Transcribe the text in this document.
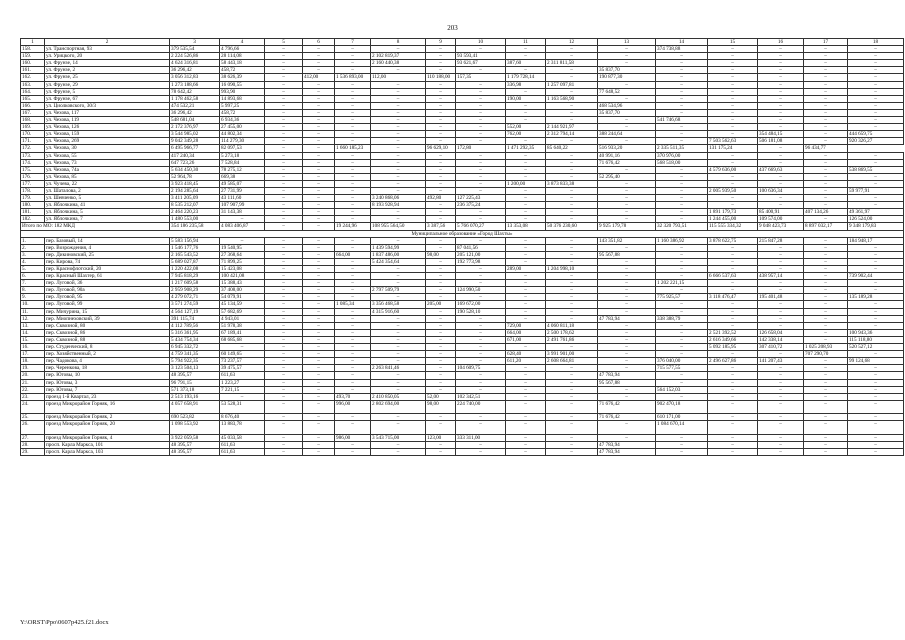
203
1	2	3	4	5	6	7	8	9	10	11	12	13	14	15	16	17	18
158.	ул. Транспортная, 93	379 535,54	4 796,66	–	–	–	–	–	–	–	–	–	374 738,88	–	–	–	–
159.	ул. Урицкого, 20	2 224 526,86	28 114,08	–	–	–	2 102 819,37	–	93 593,41	–	–	–	–	–	–	–	–
160.	ул. Фрунзе, 14	4 624 316,81	58 443,18	–	–	–	2 160 440,38	–	93 621,67	387,60	2 311 811,58	–	–	–	–	–	–
161.	ул. Фрунзе, 2	36 296,42	458,72	–	–	–	–	–	–	–	–	35 837,70	–	–	–	–	–
162.	ул. Фрунзе, 25	3 056 312,83	38 626,39	–	412,00	1 536 893,00	112,00	110 188,00	157,35	1 179 728,14	–	190 877,30	–	–	–	–	–
163.	ул. Фрунзе, 29	1 273 188,66	16 090,55	–	–	–	–	–	–	336,98	1 257 097,81	–	–	–	–	–	–
164.	ул. Фрунзе, 5	78 642,42	993,90	–	–	–	–	–	–	–	–	77 648,52	–	–	–	–	–
165.	ул. Фрунзе, 67	1 178 462,58	14 893,68	–	–	–	–	–	–	190,00	1 163 568,90	–	–	–	–	–	–
166.	ул. Циолковского, 30/3	474 532,21	5 997,25	–	–	–	–	–	–	–	–	468 534,96	–	–	–	–	–
167.	ул. Чехова, 117	36 296,42	458,72	–	–	–	–	–	–	–	–	35 837,70	–	–	–	–	–
168.	ул. Чехова, 119	548 681,04	6 934,36	–	–	–	–	–	–	–	–	–	541 746,68	–	–	–	–
169.	ул. Чехова, 126	2 172 376,97	27 455,00	–	–	–	–	–	–	552,00	2 144 921,97	–	–	–	–	–	–
170.	ул. Чехова, 159	3 544 985,02	44 802,34	–	–	–	–	–	–	762,00	2 312 794,14	388 244,64	–	–	354 484,15	–	444 659,75
171.	ул. Чехова, 269	9 042 349,28	114 279,30	–	–	–	–	–	–	–	–	–	–	7 503 562,63	506 181,08	–	920 326,27
172.	ул. Чехова, 30	6 495 966,77	82 097,53	–	–	1 660 185,23	–	96 629,10	172,80	1 471 292,35	85 640,22	516 933,20	2 335 511,35	131 175,24	–	96 434,77	
173.	ул. Чехова, 55	417 240,34	5 273,18	–	–	–	–	–	–	–	–	40 991,16	370 976,00	–	–	–	–
174.	ул. Чехова, 73	647 723,26	7 528,84	–	–	–	–	–	–	–	–	71 676,42	568 518,00	–	–	–	–
175.	ул. Чехова, 74а	5 634 450,30	78 275,12	–	–	–	–	–	–	–	–	–	–	4 579 636,00	437 669,63	–	538 869,55
176.	ул. Чехова, 85	52 964,78	669,38	–	–	–	–	–	–	–	–	52 295,40	–	–	–	–	–
177.	ул. Чучева, 22	3 923 418,45	49 585,07	–	–	–	–	–	–	1 200,00	3 873 833,38	–	–	–	–	–	–
178.	ул. Шаталова, 2	2 194 285,64	27 731,99	–	–	–	–	–	–	–	–	–	–	2 005 939,50	100 636,34	–	59 977,91
179.	ул. Шевченко, 5	3 411 205,09	43 111,60	–	–	–	3 240 868,06	492,80	127 225,43	–	–	–	–	–	–	–	–
180.	ул. Яблочкина, 41	8 535 212,07	107 907,99	–	–	–	8 193 928,94	–	236 375,24	–	–	–	–	–	–	–	–
181.	ул. Яблочкина, 5	2 464 220,23	31 143,38	–	–	–	–	–	–	–	–	–	–	1 891 179,73	85 400,91	407 134,26	49 361,97
182.	ул. Яблочкина, 7	1 480 553,00	–	–	–	–	–	–	–	–	–	–	–	1 244 455,00	109 574,00	–	126 524,00
Итого по МО: 182 МКД		354 186 235,58	4 083 406,87	–	–	19 244,96	108 955 564,50	3 387,56	5 766 070,27	13 353,08	50 376 230,60	9 925 179,78	32 320 793,51	115 555 334,32	9 048 423,73	8 897 032,17	9 348 179,83
Муниципальное образование «Город Шахты»																	
1.	пер. Базовый, 14	5 583 156,94	–	–	–	–	–	–	–	–	–	143 351,82	1 160 386,92	3 878 622,75	215 847,28	–	184 948,17
2.	пер. Возрождения, 4	1 546 177,76	19 540,95	–	–	–	1 439 594,99	–	87 041,56	–	–	–	–	–	–	–	–
3.	пер. Дикиновский, 25	2 165 543,52	27 368,64	–	–	664,00	1 837 486,00	98,00	205 121,00	–	–	95 567,88	–	–	–	–	–
4.	пер. Кирова, 74	5 689 027,87	71 899,25	–	–	–	5 424 354,64	–	192 773,98	–	–	–	–	–	–	–	–
5.	пер. Краснофлотский, 20	1 220 422,08	15 423,08	–	–	–	–	–	–	289,00	1 204 998,10	–	–	–	–	–	–
6.	пер. Красный Шахтер, 61	7 945 818,29	100 421,08	–	–	–	–	–	–	–	–	–	–	6 666 537,63	438 957,14	–	739 902,44
7.	пер. Луговой, 36	1 217 609,58	15 388,43	–	–	–	–	–	–	–	–	–	1 202 221,15	–	–	–	–
8.	пер. Луговой, 90а	2 959 908,29	37 408,00	–	–	–	2 797 509,79	–	124 990,50	–	–	–	–	–	–	–	–
9.	пер. Луговой, 95	4 279 072,71	54 079,91	–	–	–	–	–	–	–	–	–	775 925,57	3 118 476,47	195 401,48	–	135 189,28
10.	пер. Луговой, 99	3 571 274,59	45 134,59	–	–	1 085,34	3 356 468,58	205,00	169 672,00	–	–	–	–	–	–	–	–
11.	пер. Мичурина, 15	4 564 127,19	57 682,69	–	–	–	4 315 916,60	–	190 528,10	–	–	–	–	–	–	–	–
12.	пер. Миопнеховский, 39	391 115,74	4 943,01	–	–	–	–	–	–	–	–	47 783,94	338 388,79	–	–	–	–
13.	пер. Сквозной, 80	4 112 789,56	51 978,38	–	–	–	–	–	–	729,00	4 060 811,18	–	–	–	–	–	–
14.	пер. Сквозной, 86	5 316 361,95	67 189,41	–	–	–	–	–	–	664,00	2 500 178,62	–	–	2 521 392,52	126 658,04	–	100 943,36
15.	пер. Сквозной, 88	5 434 754,34	68 685,68	–	–	–	–	–	–	671,00	2 491 761,86	–	–	2 616 349,66	142 338,14	–	115 118,80
16.	пер. Студенческий, 8	6 945 332,72	–	–	–	–	–	–	–	–	–	–	–	5 092 185,95	307 410,72	1 025 208,93	520 527,12
17.	пер. Хозяйственный, 2	4 759 341,35	60 149,65	–	–	–	–	–	–	628,40	3 991 901,00	–	–	–	–	707 290,70	–
18.	пер. Чадокова, 4	5 794 922,35	73 237,57	–	–	–	–	–	–	611,20	2 608 664,81	–	376 040,00	2 496 627,86	141 207,43	–	99 124,68
19.	пер. Черенкова, 18	3 123 504,13	39 475,57	–	–	–	2 263 841,46	–	104 609,75	–	–	–	715 577,55	–	–	–	–
20.	пер. Юговы, 10	48 395,57	611,63	–	–	–	–	–	–	–	–	47 783,94	–	–	–	–	–
21.	пер. Юговы, 3	96 791,15	1 223,27	–	–	–	–	–	–	–	–	95 567,88	–	–	–	–	–
22.	пер. Юговы, 7	571 373,18	7 221,15	–	–	–	–	–	–	–	–	–	564 152,03	–	–	–	–
23.	проезд 1-й Квартал, 23	2 513 193,16	–	–	–	493,70	2 410 850,05	52,00	102 342,51	–	–	–	–	–	–	–	–
24.	проезд Микрорайон Горняк, 16	4 057 658,91	53 528,31	–	–	996,00	2 802 694,00	98,00	224 740,00	–	–	71 676,42	902 470,18	–	–	–	–
25.	проезд Микрорайон Горняк, 2	690 523,82	8 676,40	–	–	–	–	–	–	–	–	71 676,42	610 171,00	–	–	–	–
26.	проезд Микрорайон Горняк, 20	1 098 553,92	13 883,78	–	–	–	–	–	–	–	–	–	1 084 670,14	–	–	–	–
27.	проезд Микрорайон Горняк, 4	3 922 059,58	45 033,58	–	–	986,00	3 543 715,00	123,00	333 311,00	–	–	–	–	–	–	–	–
28.	просп. Карла Маркса, 101	48 395,57	611,63	–	–	–	–	–	–	–	–	47 783,94	–	–	–	–	–
29.	просп. Карла Маркса, 103	48 395,57	611,63	–	–	–	–	–	–	–	–	47 783,94	–	–	–	–	–
Y:\ORST\Ppo\0607p425.f21.docx
